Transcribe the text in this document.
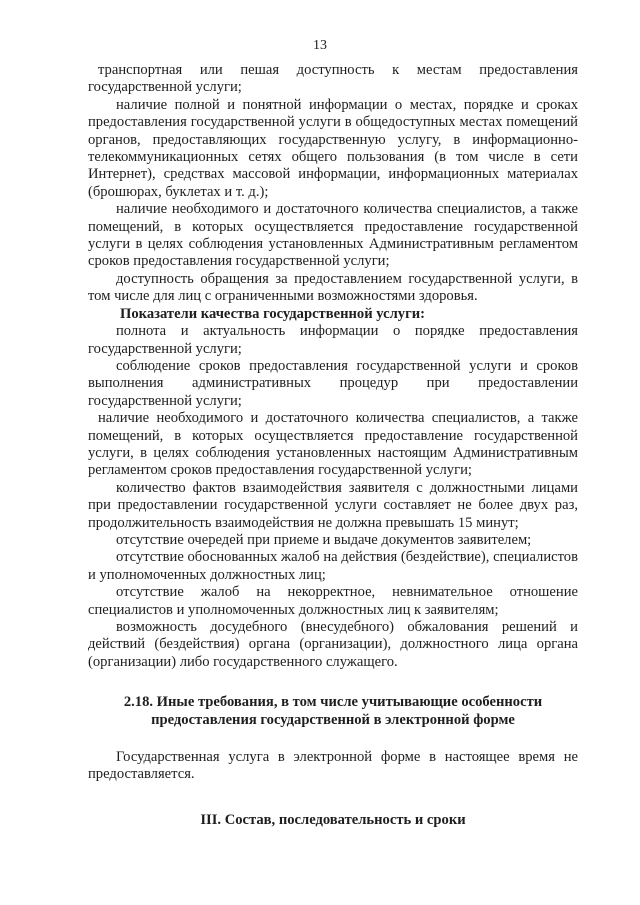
13

транспортная или пешая доступность к местам предоставления государственной услуги;

наличие полной и понятной информации о местах, порядке и сроках предоставления государственной услуги в общедоступных местах помещений органов, предоставляющих государственную услугу, в информационно-телекоммуникационных сетях общего пользования (в том числе в сети Интернет), средствах массовой информации, информационных материалах (брошюрах, буклетах и т. д.);

наличие необходимого и достаточного количества специалистов, а также помещений, в которых осуществляется предоставление государственной услуги в целях соблюдения установленных Административным регламентом сроков предоставления государственной услуги;

доступность обращения за предоставлением государственной услуги, в том числе для лиц с ограниченными возможностями здоровья.

Показатели качества государственной услуги:

полнота и актуальность информации о порядке предоставления государственной услуги;

соблюдение сроков предоставления государственной услуги и сроков выполнения административных процедур при предоставлении государственной услуги;

наличие необходимого и достаточного количества специалистов, а также помещений, в которых осуществляется предоставление государственной услуги, в целях соблюдения установленных настоящим Административным регламентом сроков предоставления государственной услуги;

количество фактов взаимодействия заявителя с должностными лицами при предоставлении государственной услуги составляет не более двух раз, продолжительность взаимодействия не должна превышать 15 минут;

отсутствие очередей при приеме и выдаче документов заявителем;

отсутствие обоснованных жалоб на действия (бездействие), специалистов и уполномоченных должностных лиц;

отсутствие жалоб на некорректное, невнимательное отношение специалистов и уполномоченных должностных лиц к заявителям;

возможность досудебного (внесудебного) обжалования решений и действий (бездействия) органа (организации), должностного лица органа (организации) либо государственного служащего.

2.18. Иные требования, в том числе учитывающие особенности
предоставления государственной в электронной форме

Государственная услуга в электронной форме в настоящее время не предоставляется.

III. Состав, последовательность и сроки
